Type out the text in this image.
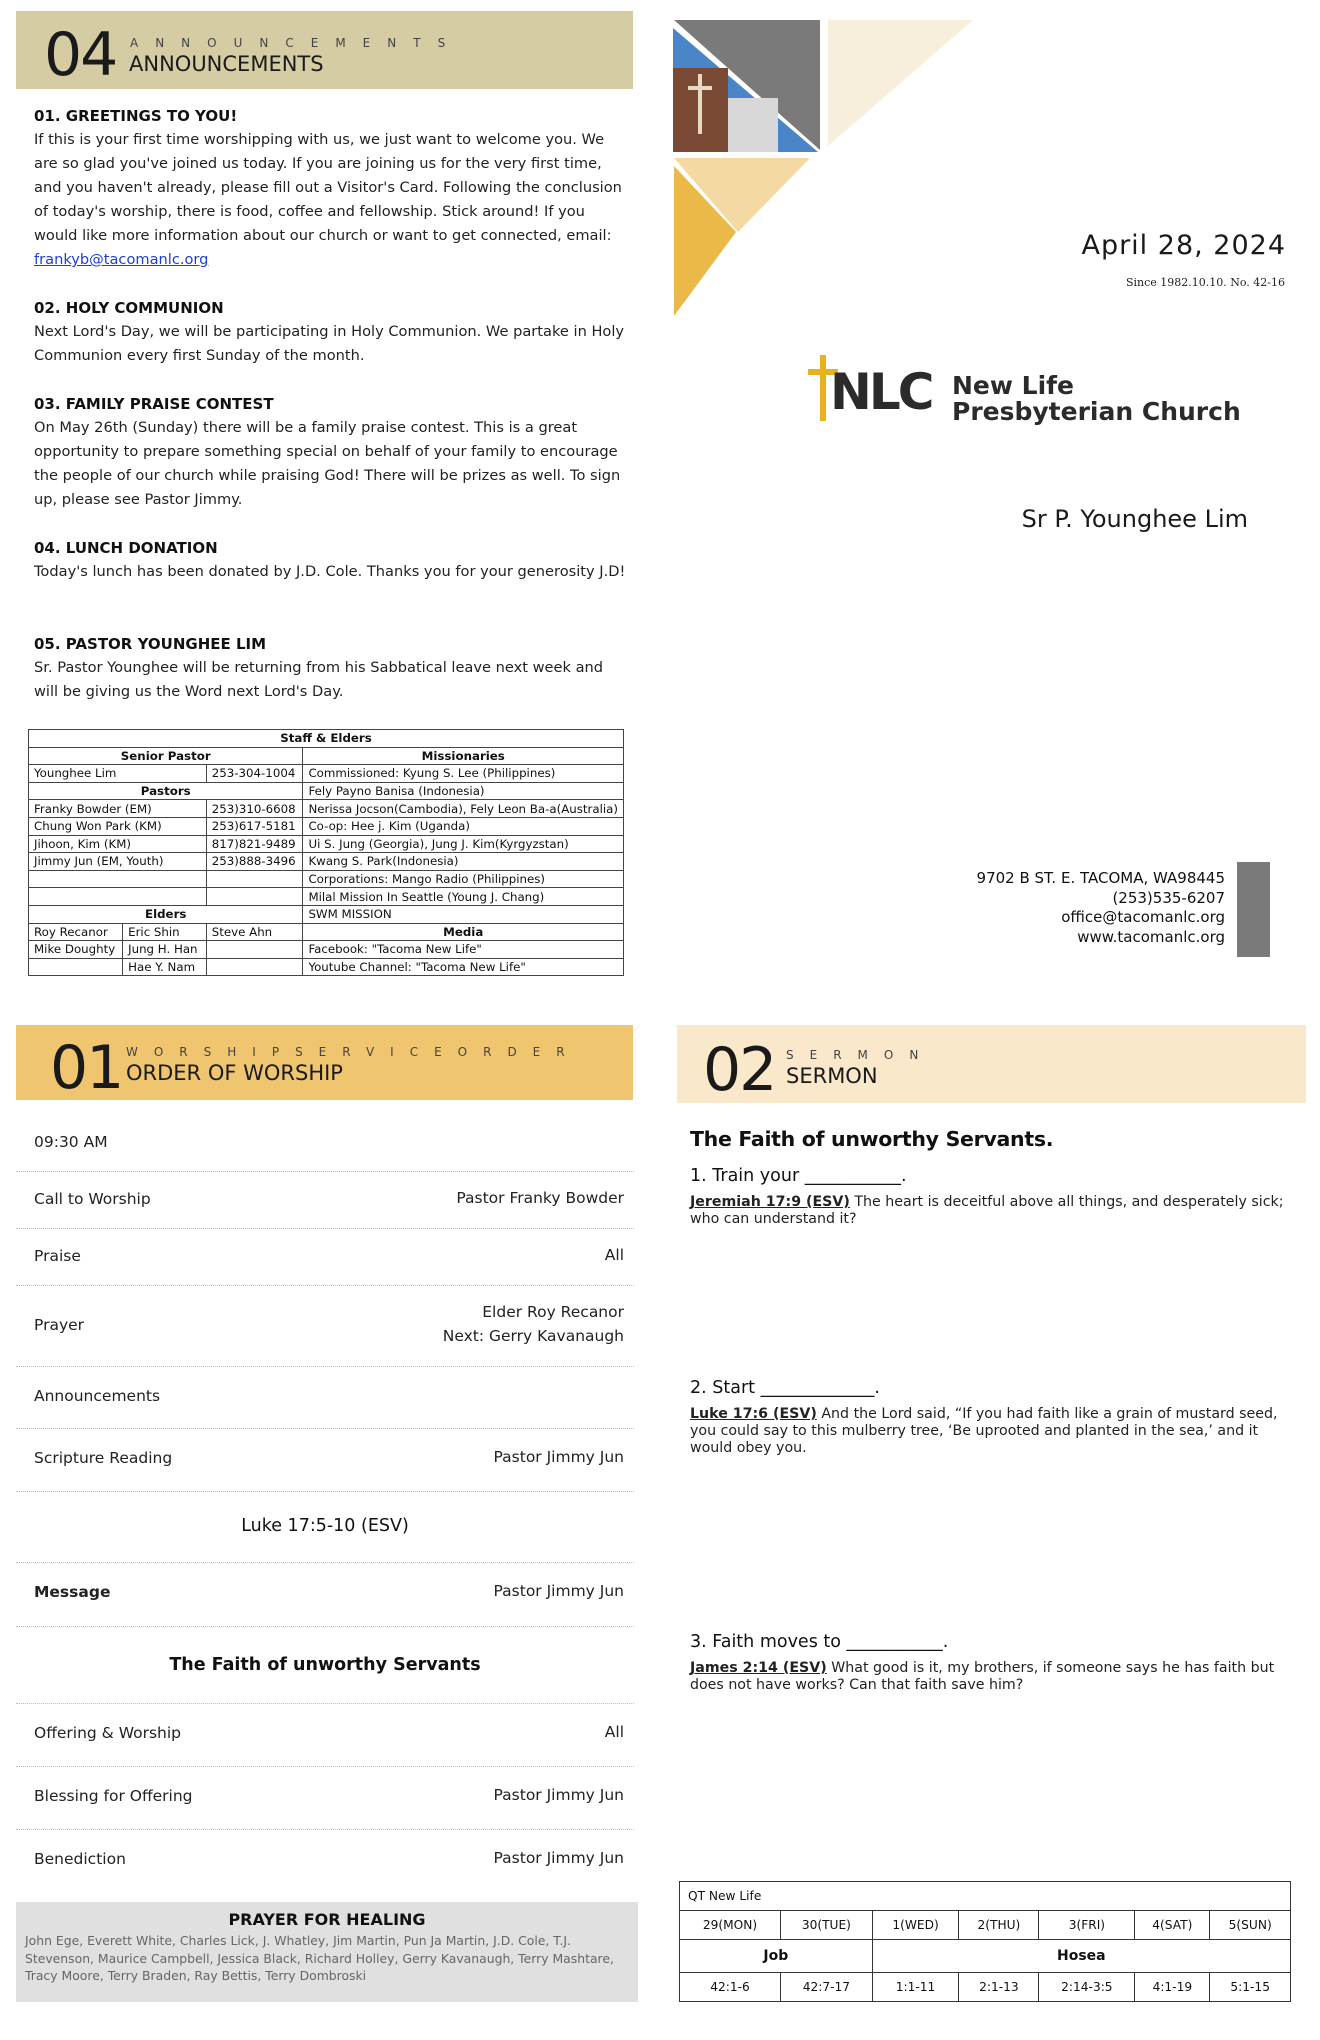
04 ANNOUNCEMENTS
ANNOUNCEMENTS
01. GREETINGS TO YOU!

If this is your first time worshipping with us, we just want to welcome you. We are so glad you've joined us today. If you are joining us for the very first time, and you haven't already, please fill out a Visitor's Card. Following the conclusion of today's worship, there is food, coffee and fellowship. Stick around! If you would like more information about our church or want to get connected, email: frankyb@tacomanlc.org

02. HOLY COMMUNION

Next Lord's Day, we will be participating in Holy Communion. We partake in Holy Communion every first Sunday of the month.

03. FAMILY PRAISE CONTEST

On May 26th (Sunday) there will be a family praise contest. This is a great opportunity to prepare something special on behalf of your family to encourage the people of our church while praising God! There will be prizes as well. To sign up, please see Pastor Jimmy.

04. LUNCH DONATION

Today's lunch has been donated by J.D. Cole. Thanks you for your generosity J.D!

05. PASTOR YOUNGHEE LIM

Sr. Pastor Younghee will be returning from his Sabbatical leave next week and will be giving us the Word next Lord's Day.

Staff & Elders			
Senior Pastor			Missionaries
Younghee Lim		253-304-1004	Commissioned: Kyung S. Lee (Philippines)
Pastors			Fely Payno Banisa (Indonesia)
Franky Bowder (EM)		253)310-6608	Nerissa Jocson(Cambodia), Fely Leon Ba-a(Australia)
Chung Won Park (KM)		253)617-5181	Co-op: Hee j. Kim (Uganda)
Jihoon, Kim (KM)		817)821-9489	Ui S. Jung (Georgia), Jung J. Kim(Kyrgyzstan)
Jimmy Jun (EM, Youth)		253)888-3496	Kwang S. Park(Indonesia)
			Corporations: Mango Radio (Philippines)
			Milal Mission In Seattle (Young J. Chang)
Elders			SWM MISSION
Roy Recanor	Eric Shin	Steve Ahn	Media
Mike Doughty	Jung H. Han		Facebook: "Tacoma New Life"
	Hae Y. Nam		Youtube Channel: "Tacoma New Life"
April 28, 2024
Since 1982.10.10. No. 42-16
NLC New Life
Presbyterian Church
Sr P. Younghee Lim
9702 B ST. E. TACOMA, WA98445
(253)535-6207
office@tacomanlc.org
www.tacomanlc.org
01 WORSHIPSERVICEORDER
ORDER OF WORSHIP
09:30 AM
Call to Worship	Pastor Franky Bowder
Praise	All
Prayer
Elder Roy Recanor
Next: Gerry Kavanaugh
Announcements
Scripture Reading	Pastor Jimmy Jun
Luke 17:5-10 (ESV)
Message	Pastor Jimmy Jun
The Faith of unworthy Servants
Offering & Worship	All
Blessing for Offering	Pastor Jimmy Jun
Benediction	Pastor Jimmy Jun
PRAYER FOR HEALING
John Ege, Everett White, Charles Lick, J. Whatley, Jim Martin, Pun Ja Martin, J.D. Cole, T.J. Stevenson, Maurice Campbell, Jessica Black, Richard Holley, Gerry Kavanaugh, Terry Mashtare, Tracy Moore, Terry Braden, Ray Bettis, Terry Dombroski
02 SERMON
SERMON
The Faith of unworthy Servants.
1. Train your ___________.
Jeremiah 17:9 (ESV) The heart is deceitful above all things, and desperately sick; who can understand it?
2. Start _____________.
Luke 17:6 (ESV) And the Lord said, “If you had faith like a grain of mustard seed, you could say to this mulberry tree, ‘Be uprooted and planted in the sea,’ and it would obey you.
3. Faith moves to ___________.
James 2:14 (ESV) What good is it, my brothers, if someone says he has faith but does not have works? Can that faith save him?
QT New Life						
29(MON)	30(TUE)	1(WED)	2(THU)	3(FRI)	4(SAT)	5(SUN)
Job		Hosea				
42:1-6	42:7-17	1:1-11	2:1-13	2:14-3:5	4:1-19	5:1-15
